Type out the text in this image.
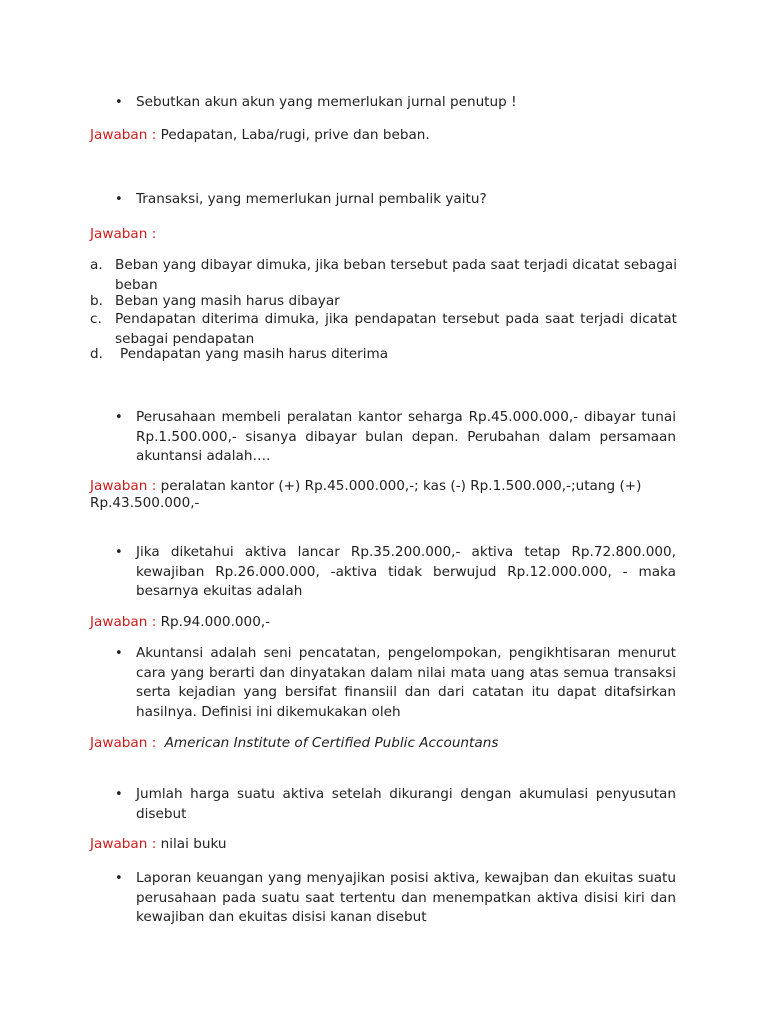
• Sebutkan akun akun yang memerlukan jurnal penutup !
Jawaban : Pedapatan, Laba/rugi, prive dan beban.
• Transaksi, yang memerlukan jurnal pembalik yaitu?
Jawaban :
a. Beban yang dibayar dimuka, jika beban tersebut pada saat terjadi dicatat sebagai beban
b. Beban yang masih harus dibayar
c. Pendapatan diterima dimuka, jika pendapatan tersebut pada saat terjadi dicatat sebagai pendapatan
d. Pendapatan yang masih harus diterima
• Perusahaan membeli peralatan kantor seharga Rp.45.000.000,- dibayar tunai Rp.1.500.000,- sisanya dibayar bulan depan. Perubahan dalam persamaan akuntansi adalah….
Jawaban : peralatan kantor (+) Rp.45.000.000,-; kas (-) Rp.1.500.000,-;utang (+)
Rp.43.500.000,-
• Jika diketahui aktiva lancar Rp.35.200.000,- aktiva tetap Rp.72.800.000, kewajiban Rp.26.000.000, -aktiva tidak berwujud Rp.12.000.000, - maka besarnya ekuitas adalah
Jawaban : Rp.94.000.000,-
• Akuntansi adalah seni pencatatan, pengelompokan, pengikhtisaran menurut cara yang berarti dan dinyatakan dalam nilai mata uang atas semua transaksi serta kejadian yang bersifat finansiil dan dari catatan itu dapat ditafsirkan hasilnya. Definisi ini dikemukakan oleh
Jawaban : American Institute of Certified Public Accountans
• Jumlah harga suatu aktiva setelah dikurangi dengan akumulasi penyusutan disebut
Jawaban : nilai buku
• Laporan keuangan yang menyajikan posisi aktiva, kewajban dan ekuitas suatu perusahaan pada suatu saat tertentu dan menempatkan aktiva disisi kiri dan kewajiban dan ekuitas disisi kanan disebut
